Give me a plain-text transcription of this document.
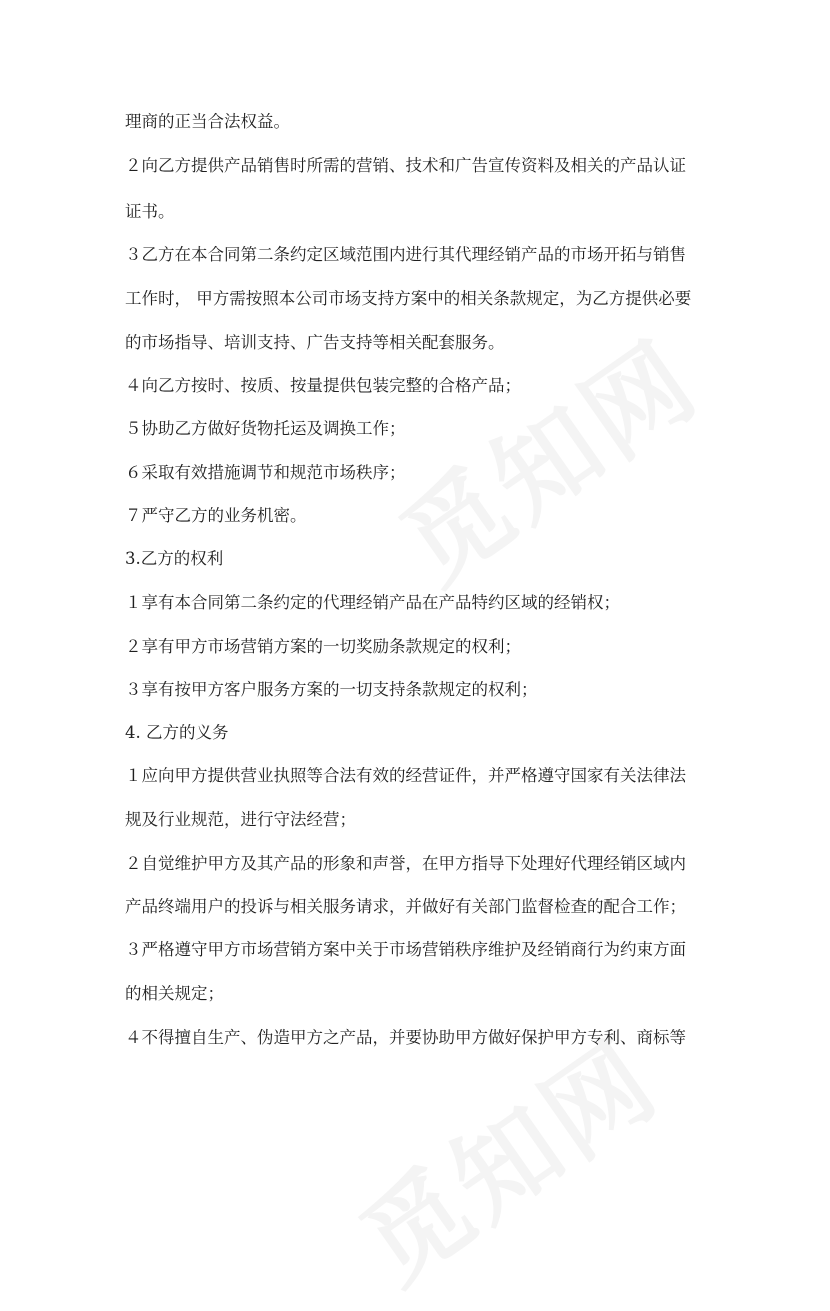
理商的正当合法权益。
２向乙方提供产品销售时所需的营销、技术和广告宣传资料及相关的产品认证
证书。
３乙方在本合同第二条约定区域范围内进行其代理经销产品的市场开拓与销售
工作时， 甲方需按照本公司市场支持方案中的相关条款规定，为乙方提供必要
的市场指导、培训支持、广告支持等相关配套服务。
４向乙方按时、按质、按量提供包装完整的合格产品；
５协助乙方做好货物托运及调换工作；
６采取有效措施调节和规范市场秩序；
７严守乙方的业务机密。
3.乙方的权利
１享有本合同第二条约定的代理经销产品在产品特约区域的经销权；
２享有甲方市场营销方案的一切奖励条款规定的权利；
３享有按甲方客户服务方案的一切支持条款规定的权利；
4. 乙方的义务
１应向甲方提供营业执照等合法有效的经营证件，并严格遵守国家有关法律法
规及行业规范，进行守法经营；
２自觉维护甲方及其产品的形象和声誉，在甲方指导下处理好代理经销区域内
产品终端用户的投诉与相关服务请求，并做好有关部门监督检查的配合工作；
３严格遵守甲方市场营销方案中关于市场营销秩序维护及经销商行为约束方面
的相关规定；
４不得擅自生产、伪造甲方之产品，并要协助甲方做好保护甲方专利、商标等
